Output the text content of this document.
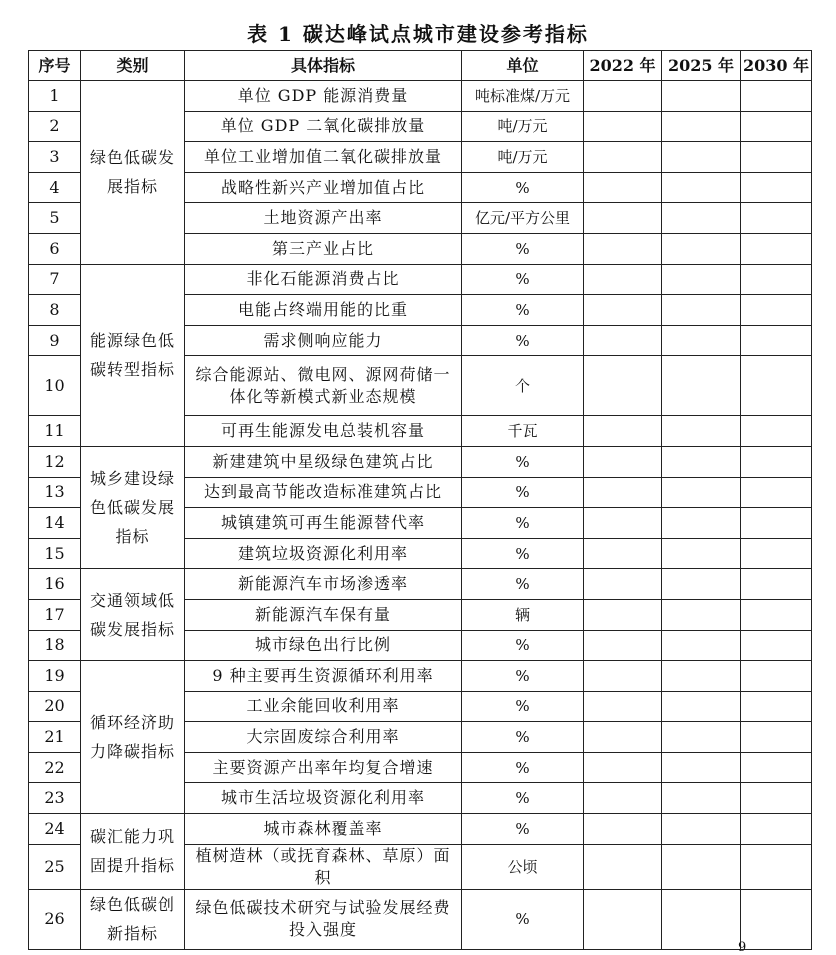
表 1 碳达峰试点城市建设参考指标
序号	类别	具体指标	单位	2022 年	2025 年	2030 年
1	绿色低碳发展指标	单位 GDP 能源消费量	吨标准煤/万元			
2		单位 GDP 二氧化碳排放量	吨/万元			
3		单位工业增加值二氧化碳排放量	吨/万元			
4		战略性新兴产业增加值占比	%			
5		土地资源产出率	亿元/平方公里			
6		第三产业占比	%			
7	能源绿色低碳转型指标	非化石能源消费占比	%			
8		电能占终端用能的比重	%			
9		需求侧响应能力	%			
10		综合能源站、微电网、源网荷储一体化等新模式新业态规模	个			
11		可再生能源发电总装机容量	千瓦			
12	城乡建设绿色低碳发展指标	新建建筑中星级绿色建筑占比	%			
13		达到最高节能改造标准建筑占比	%			
14		城镇建筑可再生能源替代率	%			
15		建筑垃圾资源化利用率	%			
16	交通领域低碳发展指标	新能源汽车市场渗透率	%			
17		新能源汽车保有量	辆			
18		城市绿色出行比例	%			
19	循环经济助力降碳指标	9 种主要再生资源循环利用率	%			
20		工业余能回收利用率	%			
21		大宗固废综合利用率	%			
22		主要资源产出率年均复合增速	%			
23		城市生活垃圾资源化利用率	%			
24	碳汇能力巩固提升指标	城市森林覆盖率	%			
25		植树造林（或抚育森林、草原）面积	公顷			
26	绿色低碳创新指标	绿色低碳技术研究与试验发展经费投入强度	%			
9
